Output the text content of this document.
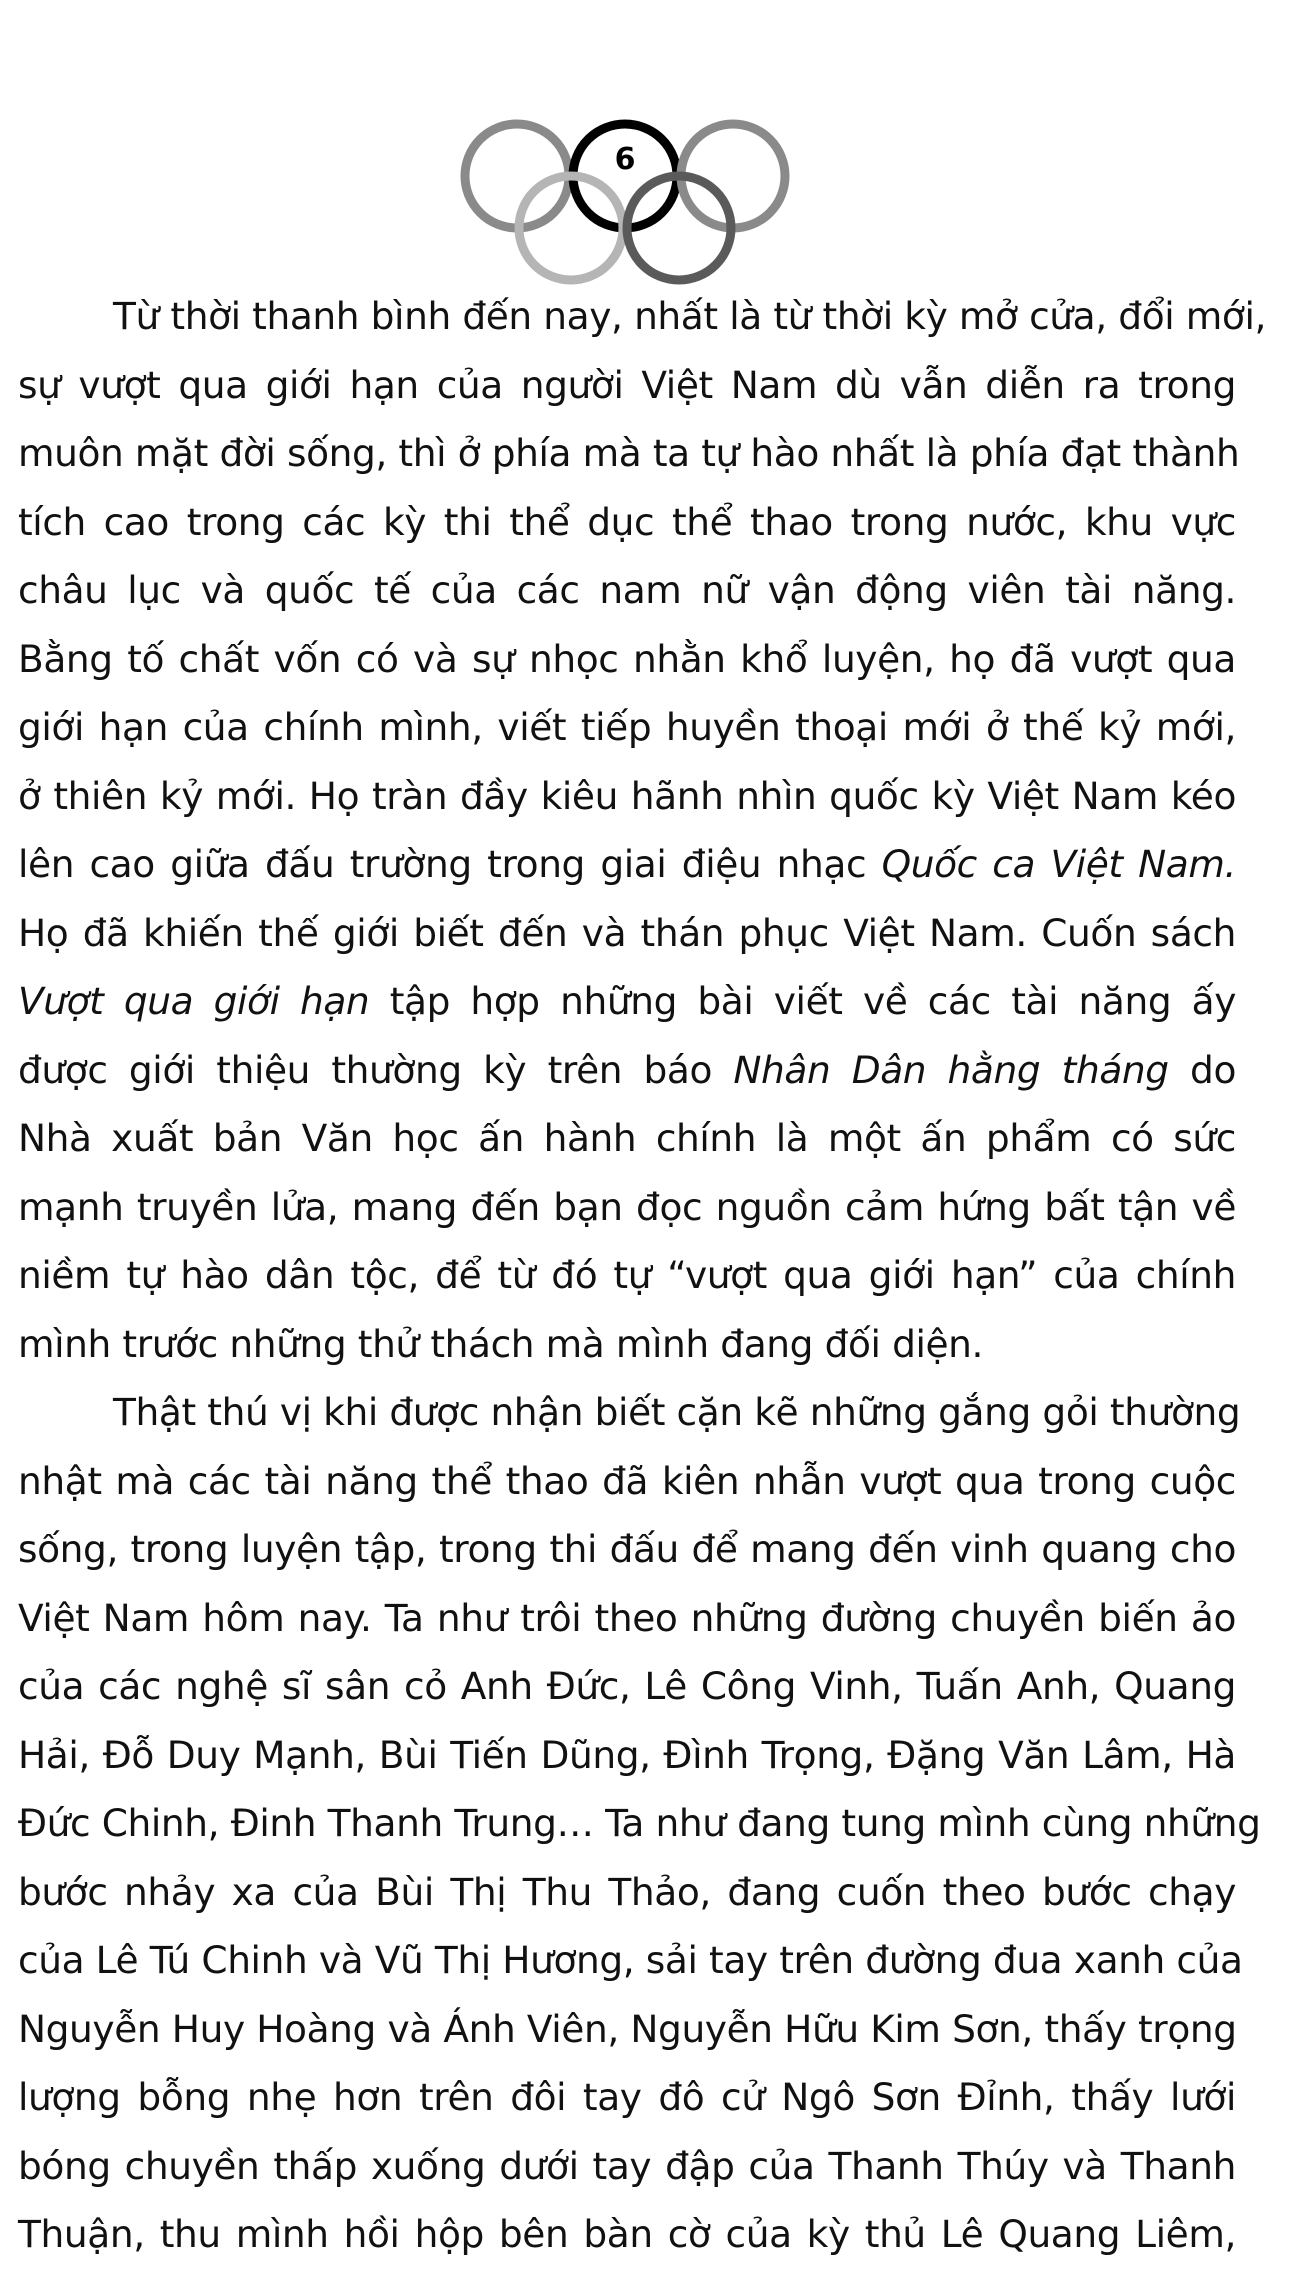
6

Từ thời thanh bình đến nay, nhất là từ thời kỳ mở cửa, đổi mới,
sự vượt qua giới hạn của người Việt Nam dù vẫn diễn ra trong
muôn mặt đời sống, thì ở phía mà ta tự hào nhất là phía đạt thành
tích cao trong các kỳ thi thể dục thể thao trong nước, khu vực
châu lục và quốc tế của các nam nữ vận động viên tài năng.
Bằng tố chất vốn có và sự nhọc nhằn khổ luyện, họ đã vượt qua
giới hạn của chính mình, viết tiếp huyền thoại mới ở thế kỷ mới,
ở thiên kỷ mới. Họ tràn đầy kiêu hãnh nhìn quốc kỳ Việt Nam kéo
lên cao giữa đấu trường trong giai điệu nhạc Quốc ca Việt Nam.
Họ đã khiến thế giới biết đến và thán phục Việt Nam. Cuốn sách
Vượt qua giới hạn tập hợp những bài viết về các tài năng ấy
được giới thiệu thường kỳ trên báo Nhân Dân hằng tháng do
Nhà xuất bản Văn học ấn hành chính là một ấn phẩm có sức
mạnh truyền lửa, mang đến bạn đọc nguồn cảm hứng bất tận về
niềm tự hào dân tộc, để từ đó tự “vượt qua giới hạn” của chính
mình trước những thử thách mà mình đang đối diện.

Thật thú vị khi được nhận biết cặn kẽ những gắng gỏi thường
nhật mà các tài năng thể thao đã kiên nhẫn vượt qua trong cuộc
sống, trong luyện tập, trong thi đấu để mang đến vinh quang cho
Việt Nam hôm nay. Ta như trôi theo những đường chuyền biến ảo
của các nghệ sĩ sân cỏ Anh Đức, Lê Công Vinh, Tuấn Anh, Quang
Hải, Đỗ Duy Mạnh, Bùi Tiến Dũng, Đình Trọng, Đặng Văn Lâm, Hà
Đức Chinh, Đinh Thanh Trung… Ta như đang tung mình cùng những
bước nhảy xa của Bùi Thị Thu Thảo, đang cuốn theo bước chạy
của Lê Tú Chinh và Vũ Thị Hương, sải tay trên đường đua xanh của
Nguyễn Huy Hoàng và Ánh Viên, Nguyễn Hữu Kim Sơn, thấy trọng
lượng bỗng nhẹ hơn trên đôi tay đô cử Ngô Sơn Đỉnh, thấy lưới
bóng chuyền thấp xuống dưới tay đập của Thanh Thúy và Thanh
Thuận, thu mình hồi hộp bên bàn cờ của kỳ thủ Lê Quang Liêm,
